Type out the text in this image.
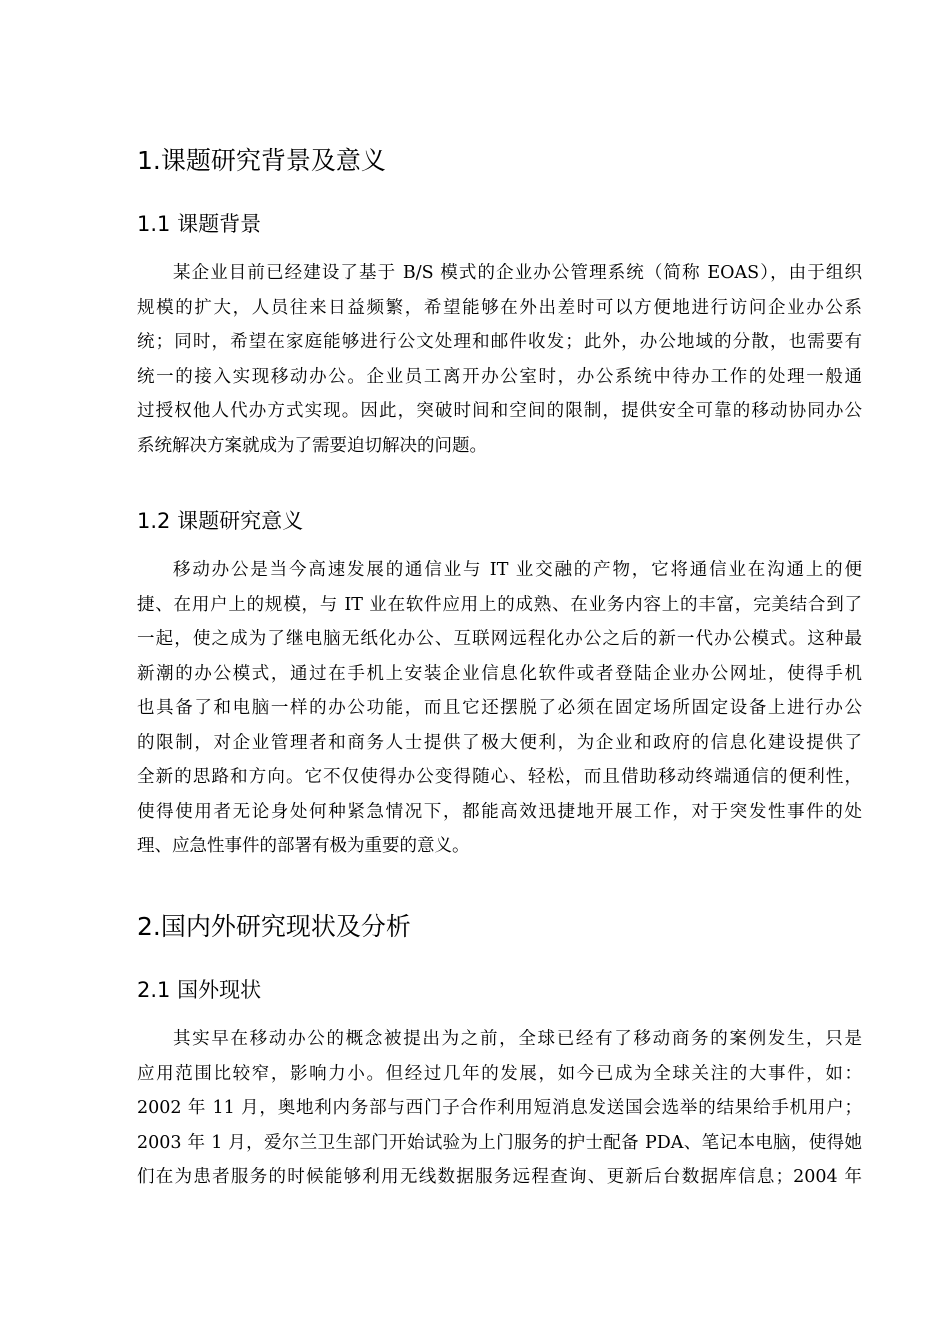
1.课题研究背景及意义
1.1 课题背景
某企业目前已经建设了基于 B/S 模式的企业办公管理系统（简称 EOAS），由于组织
规模的扩大，人员往来日益频繁，希望能够在外出差时可以方便地进行访问企业办公系
统；同时，希望在家庭能够进行公文处理和邮件收发；此外，办公地域的分散，也需要有
统一的接入实现移动办公。企业员工离开办公室时，办公系统中待办工作的处理一般通
过授权他人代办方式实现。因此，突破时间和空间的限制，提供安全可靠的移动协同办公
系统解决方案就成为了需要迫切解决的问题。
1.2 课题研究意义
移动办公是当今高速发展的通信业与 IT 业交融的产物，它将通信业在沟通上的便
捷、在用户上的规模，与 IT 业在软件应用上的成熟、在业务内容上的丰富，完美结合到了
一起，使之成为了继电脑无纸化办公、互联网远程化办公之后的新一代办公模式。这种最
新潮的办公模式，通过在手机上安装企业信息化软件或者登陆企业办公网址，使得手机
也具备了和电脑一样的办公功能，而且它还摆脱了必须在固定场所固定设备上进行办公
的限制，对企业管理者和商务人士提供了极大便利，为企业和政府的信息化建设提供了
全新的思路和方向。它不仅使得办公变得随心、轻松，而且借助移动终端通信的便利性，
使得使用者无论身处何种紧急情况下，都能高效迅捷地开展工作，对于突发性事件的处
理、应急性事件的部署有极为重要的意义。
2.国内外研究现状及分析
2.1 国外现状
其实早在移动办公的概念被提出为之前，全球已经有了移动商务的案例发生，只是
应用范围比较窄，影响力小。但经过几年的发展，如今已成为全球关注的大事件，如：
2002 年 11 月，奥地利内务部与西门子合作利用短消息发送国会选举的结果给手机用户；
2003 年 1 月，爱尔兰卫生部门开始试验为上门服务的护士配备 PDA、笔记本电脑，使得她
们在为患者服务的时候能够利用无线数据服务远程查询、更新后台数据库信息；2004 年
